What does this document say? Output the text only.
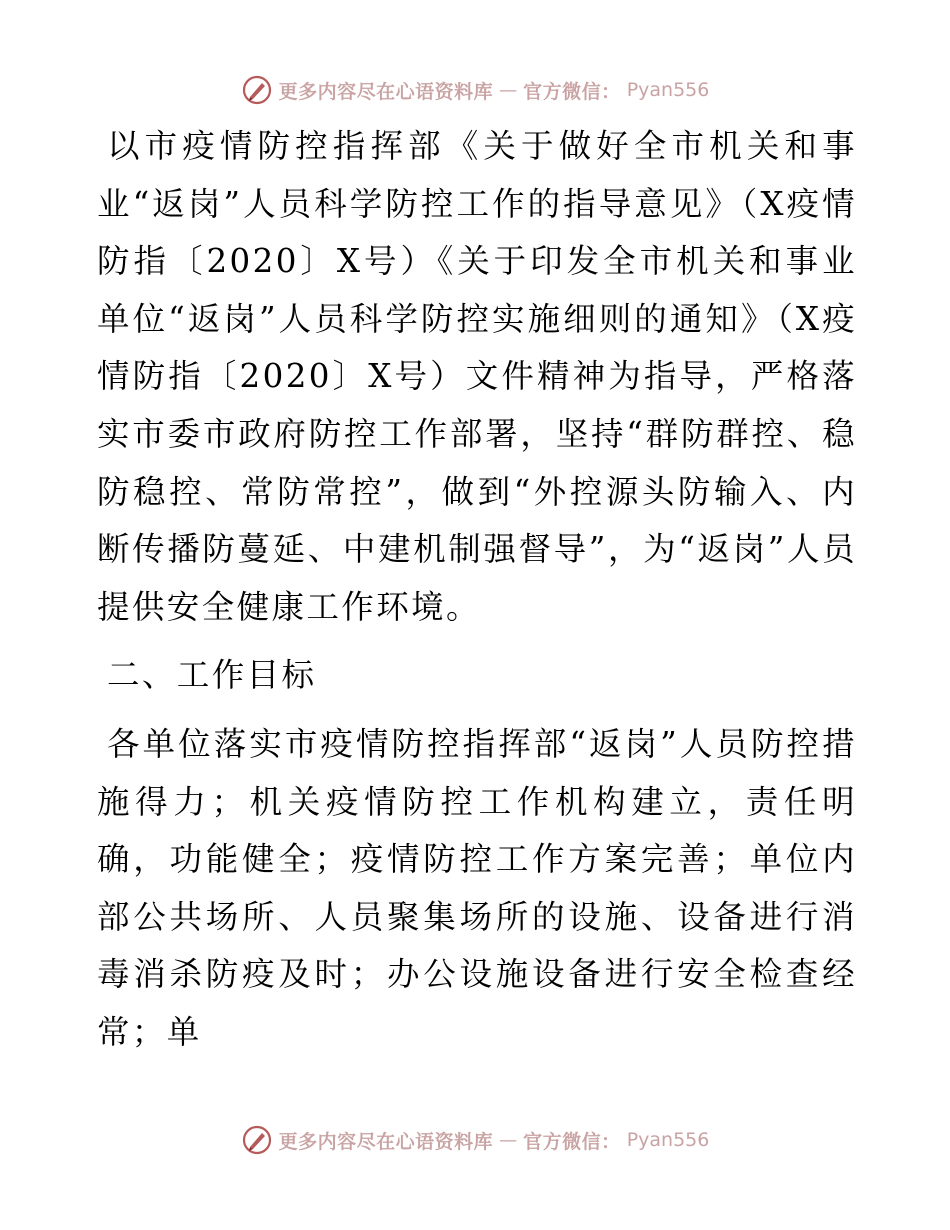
更多内容尽在心语资料库 — 官方微信： Pyan556

以市疫情防控指挥部《关于做好全市机关和事业“返岗”人员科学防控工作的指导意见》（X疫情防指〔2020〕X号）《关于印发全市机关和事业单位“返岗”人员科学防控实施细则的通知》（X疫情防指〔2020〕X号）文件精神为指导，严格落实市委市政府防控工作部署，坚持“群防群控、稳防稳控、常防常控”，做到“外控源头防输入、内断传播防蔓延、中建机制强督导”，为“返岗”人员提供安全健康工作环境。

二、工作目标

各单位落实市疫情防控指挥部“返岗”人员防控措施得力；机关疫情防控工作机构建立，责任明确，功能健全；疫情防控工作方案完善；单位内部公共场所、人员聚集场所的设施、设备进行消毒消杀防疫及时；办公设施设备进行安全检查经常；单

更多内容尽在心语资料库 — 官方微信： Pyan556
